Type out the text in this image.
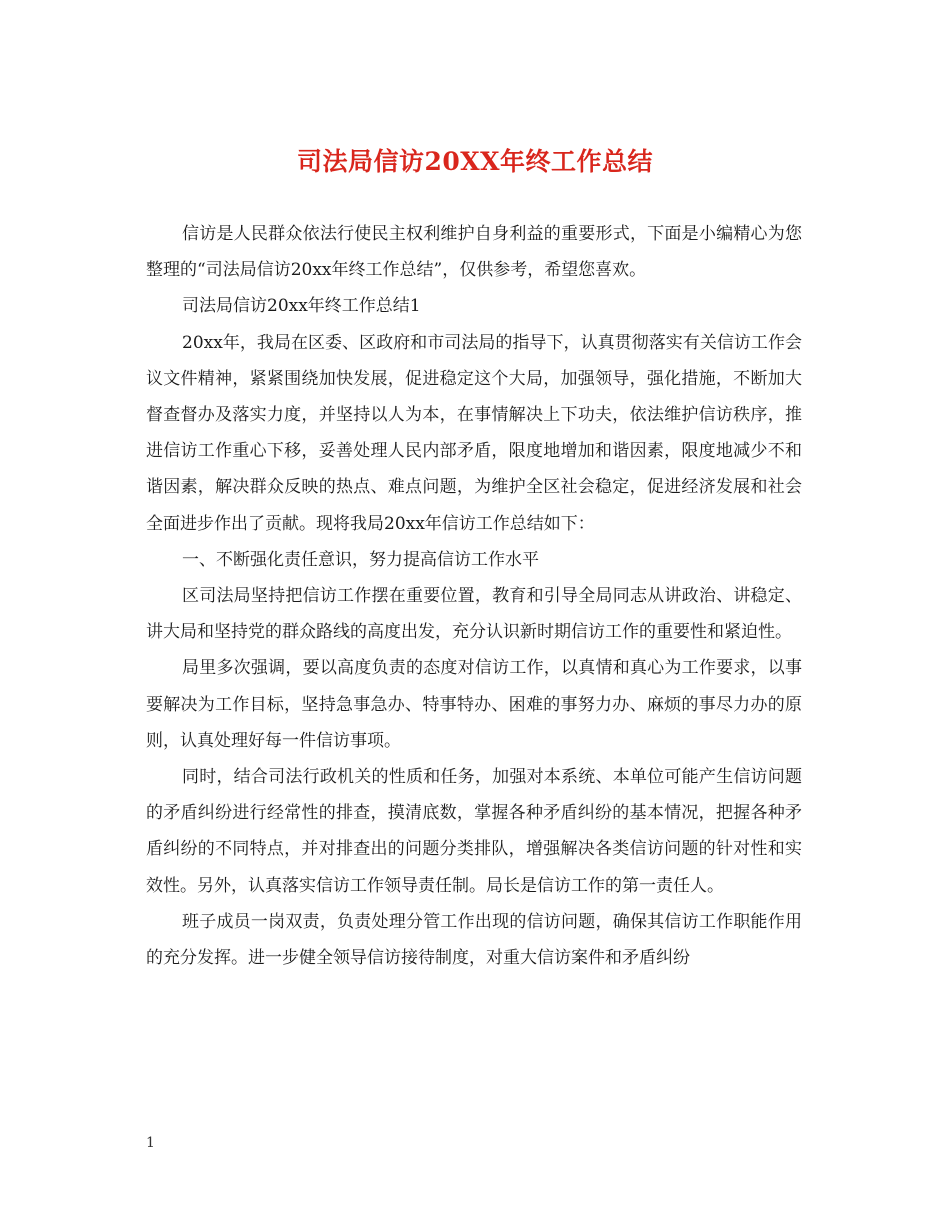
司法局信访20XX年终工作总结

信访是人民群众依法行使民主权利维护自身利益的重要形式，下面是小编精心为您整理的“司法局信访20xx年终工作总结”，仅供参考，希望您喜欢。

司法局信访20xx年终工作总结1

20xx年，我局在区委、区政府和市司法局的指导下，认真贯彻落实有关信访工作会议文件精神，紧紧围绕加快发展，促进稳定这个大局，加强领导，强化措施，不断加大督查督办及落实力度，并坚持以人为本，在事情解决上下功夫，依法维护信访秩序，推进信访工作重心下移，妥善处理人民内部矛盾，限度地增加和谐因素，限度地减少不和谐因素，解决群众反映的热点、难点问题，为维护全区社会稳定，促进经济发展和社会全面进步作出了贡献。现将我局20xx年信访工作总结如下：

一、不断强化责任意识，努力提高信访工作水平

区司法局坚持把信访工作摆在重要位置，教育和引导全局同志从讲政治、讲稳定、讲大局和坚持党的群众路线的高度出发，充分认识新时期信访工作的重要性和紧迫性。

局里多次强调，要以高度负责的态度对信访工作，以真情和真心为工作要求，以事要解决为工作目标，坚持急事急办、特事特办、困难的事努力办、麻烦的事尽力办的原则，认真处理好每一件信访事项。

同时，结合司法行政机关的性质和任务，加强对本系统、本单位可能产生信访问题的矛盾纠纷进行经常性的排查，摸清底数，掌握各种矛盾纠纷的基本情况，把握各种矛盾纠纷的不同特点，并对排查出的问题分类排队，增强解决各类信访问题的针对性和实效性。另外，认真落实信访工作领导责任制。局长是信访工作的第一责任人。

班子成员一岗双责，负责处理分管工作出现的信访问题，确保其信访工作职能作用的充分发挥。进一步健全领导信访接待制度，对重大信访案件和矛盾纠纷

1
